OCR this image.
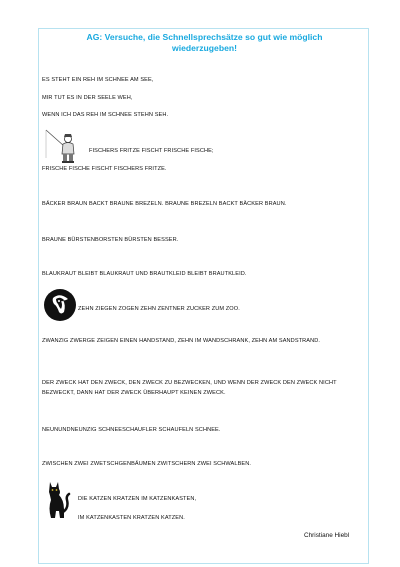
AG: Versuche, die Schnellsprechsätze so gut wie möglich
wiederzugeben!
ES STEHT EIN REH IM SCHNEE AM SEE,
MIR TUT ES IN DER SEELE WEH,
WENN ICH DAS REH IM SCHNEE STEHN SEH.
FISCHERS FRITZE FISCHT FRISCHE FISCHE;
FRISCHE FISCHE FISCHT FISCHERS FRITZE.
BÄCKER BRAUN BACKT BRAUNE BREZELN. BRAUNE BREZELN BACKT BÄCKER BRAUN.
BRAUNE BÜRSTENBORSTEN BÜRSTEN BESSER.
BLAUKRAUT BLEIBT BLAUKRAUT UND BRAUTKLEID BLEIBT BRAUTKLEID.
ZEHN ZIEGEN ZOGEN ZEHN ZENTNER ZUCKER ZUM ZOO.
ZWANZIG ZWERGE ZEIGEN EINEN HANDSTAND, ZEHN IM WANDSCHRANK, ZEHN AM SANDSTRAND.
DER ZWECK HAT DEN ZWECK, DEN ZWECK ZU BEZWECKEN, UND WENN DER ZWECK DEN ZWECK NICHT BEZWECKT, DANN HAT DER ZWECK ÜBERHAUPT KEINEN ZWECK.
NEUNUNDNEUNZIG SCHNEESCHAUFLER SCHAUFELN SCHNEE.
ZWISCHEN ZWEI ZWETSCHGENBÄUMEN ZWITSCHERN ZWEI SCHWALBEN.
DIE KATZEN KRATZEN IM KATZENKASTEN,
IM KATZENKASTEN KRATZEN KATZEN.
Christiane Hiebl
